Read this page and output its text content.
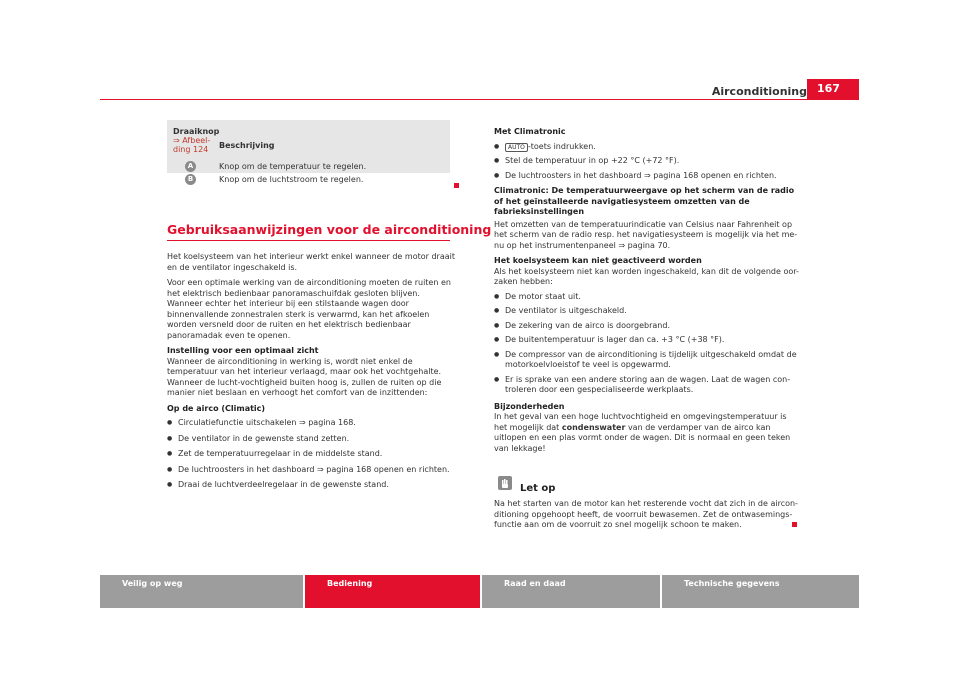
Airconditioning 167
Draaiknop
⇒ Afbeel-
ding 124	Beschrijving
A	Knop om de temperatuur te regelen.
B	Knop om de luchtstroom te regelen.
Gebruiksaanwijzingen voor de airconditioning
Het koelsysteem van het interieur werkt enkel wanneer de motor draait en de ventilator ingeschakeld is.
Voor een optimale werking van de airconditioning moeten de ruiten en het elektrisch bedienbaar panoramaschuifdak gesloten blijven. Wanneer echter het interieur bij een stilstaande wagen door binnenvallende zonnestralen sterk is verwarmd, kan het afkoelen worden versneld door de ruiten en het elektrisch bedienbaar panoramadak even te openen.
Instelling voor een optimaal zicht
Wanneer de airconditioning in werking is, wordt niet enkel de temperatuur van het interieur verlaagd, maar ook het vochtgehalte. Wanneer de lucht-vochtigheid buiten hoog is, zullen de ruiten op die manier niet beslaan en verhoogt het comfort van de inzittenden:
Op de airco (Climatic)
● Circulatiefunctie uitschakelen ⇒ pagina 168.
● De ventilator in de gewenste stand zetten.
● Zet de temperatuurregelaar in de middelste stand.
● De luchtroosters in het dashboard ⇒ pagina 168 openen en richten.
● Draai de luchtverdeelregelaar in de gewenste stand.
Met Climatronic
● AUTO -toets indrukken.
● Stel de temperatuur in op +22 °C (+72 °F).
● De luchtroosters in het dashboard ⇒ pagina 168 openen en richten.
Climatronic: De temperatuurweergave op het scherm van de radio of het geïnstalleerde navigatiesysteem omzetten van de fabrieksinstellingen
Het omzetten van de temperatuurindicatie van Celsius naar Fahrenheit op het scherm van de radio resp. het navigatiesysteem is mogelijk via het me-nu op het instrumentenpaneel ⇒ pagina 70.
Het koelsysteem kan niet geactiveerd worden
Als het koelsysteem niet kan worden ingeschakeld, kan dit de volgende oor-zaken hebben:
● De motor staat uit.
● De ventilator is uitgeschakeld.
● De zekering van de airco is doorgebrand.
● De buitentemperatuur is lager dan ca. +3 °C (+38 °F).
● De compressor van de airconditioning is tijdelijk uitgeschakeld omdat de motorkoelvloeistof te veel is opgewarmd.
● Er is sprake van een andere storing aan de wagen. Laat de wagen con-troleren door een gespecialiseerde werkplaats.
Bijzonderheden
In het geval van een hoge luchtvochtigheid en omgevingstemperatuur is het mogelijk dat condenswater van de verdamper van de airco kan uitlopen en een plas vormt onder de wagen. Dit is normaal en geen teken van lekkage!
Let op
Na het starten van de motor kan het resterende vocht dat zich in de aircon-ditioning opgehoopt heeft, de voorruit bewasemen. Zet de ontwasemings-functie aan om de voorruit zo snel mogelijk schoon te maken.
Veilig op weg	Bediening	Raad en daad	Technische gegevens
